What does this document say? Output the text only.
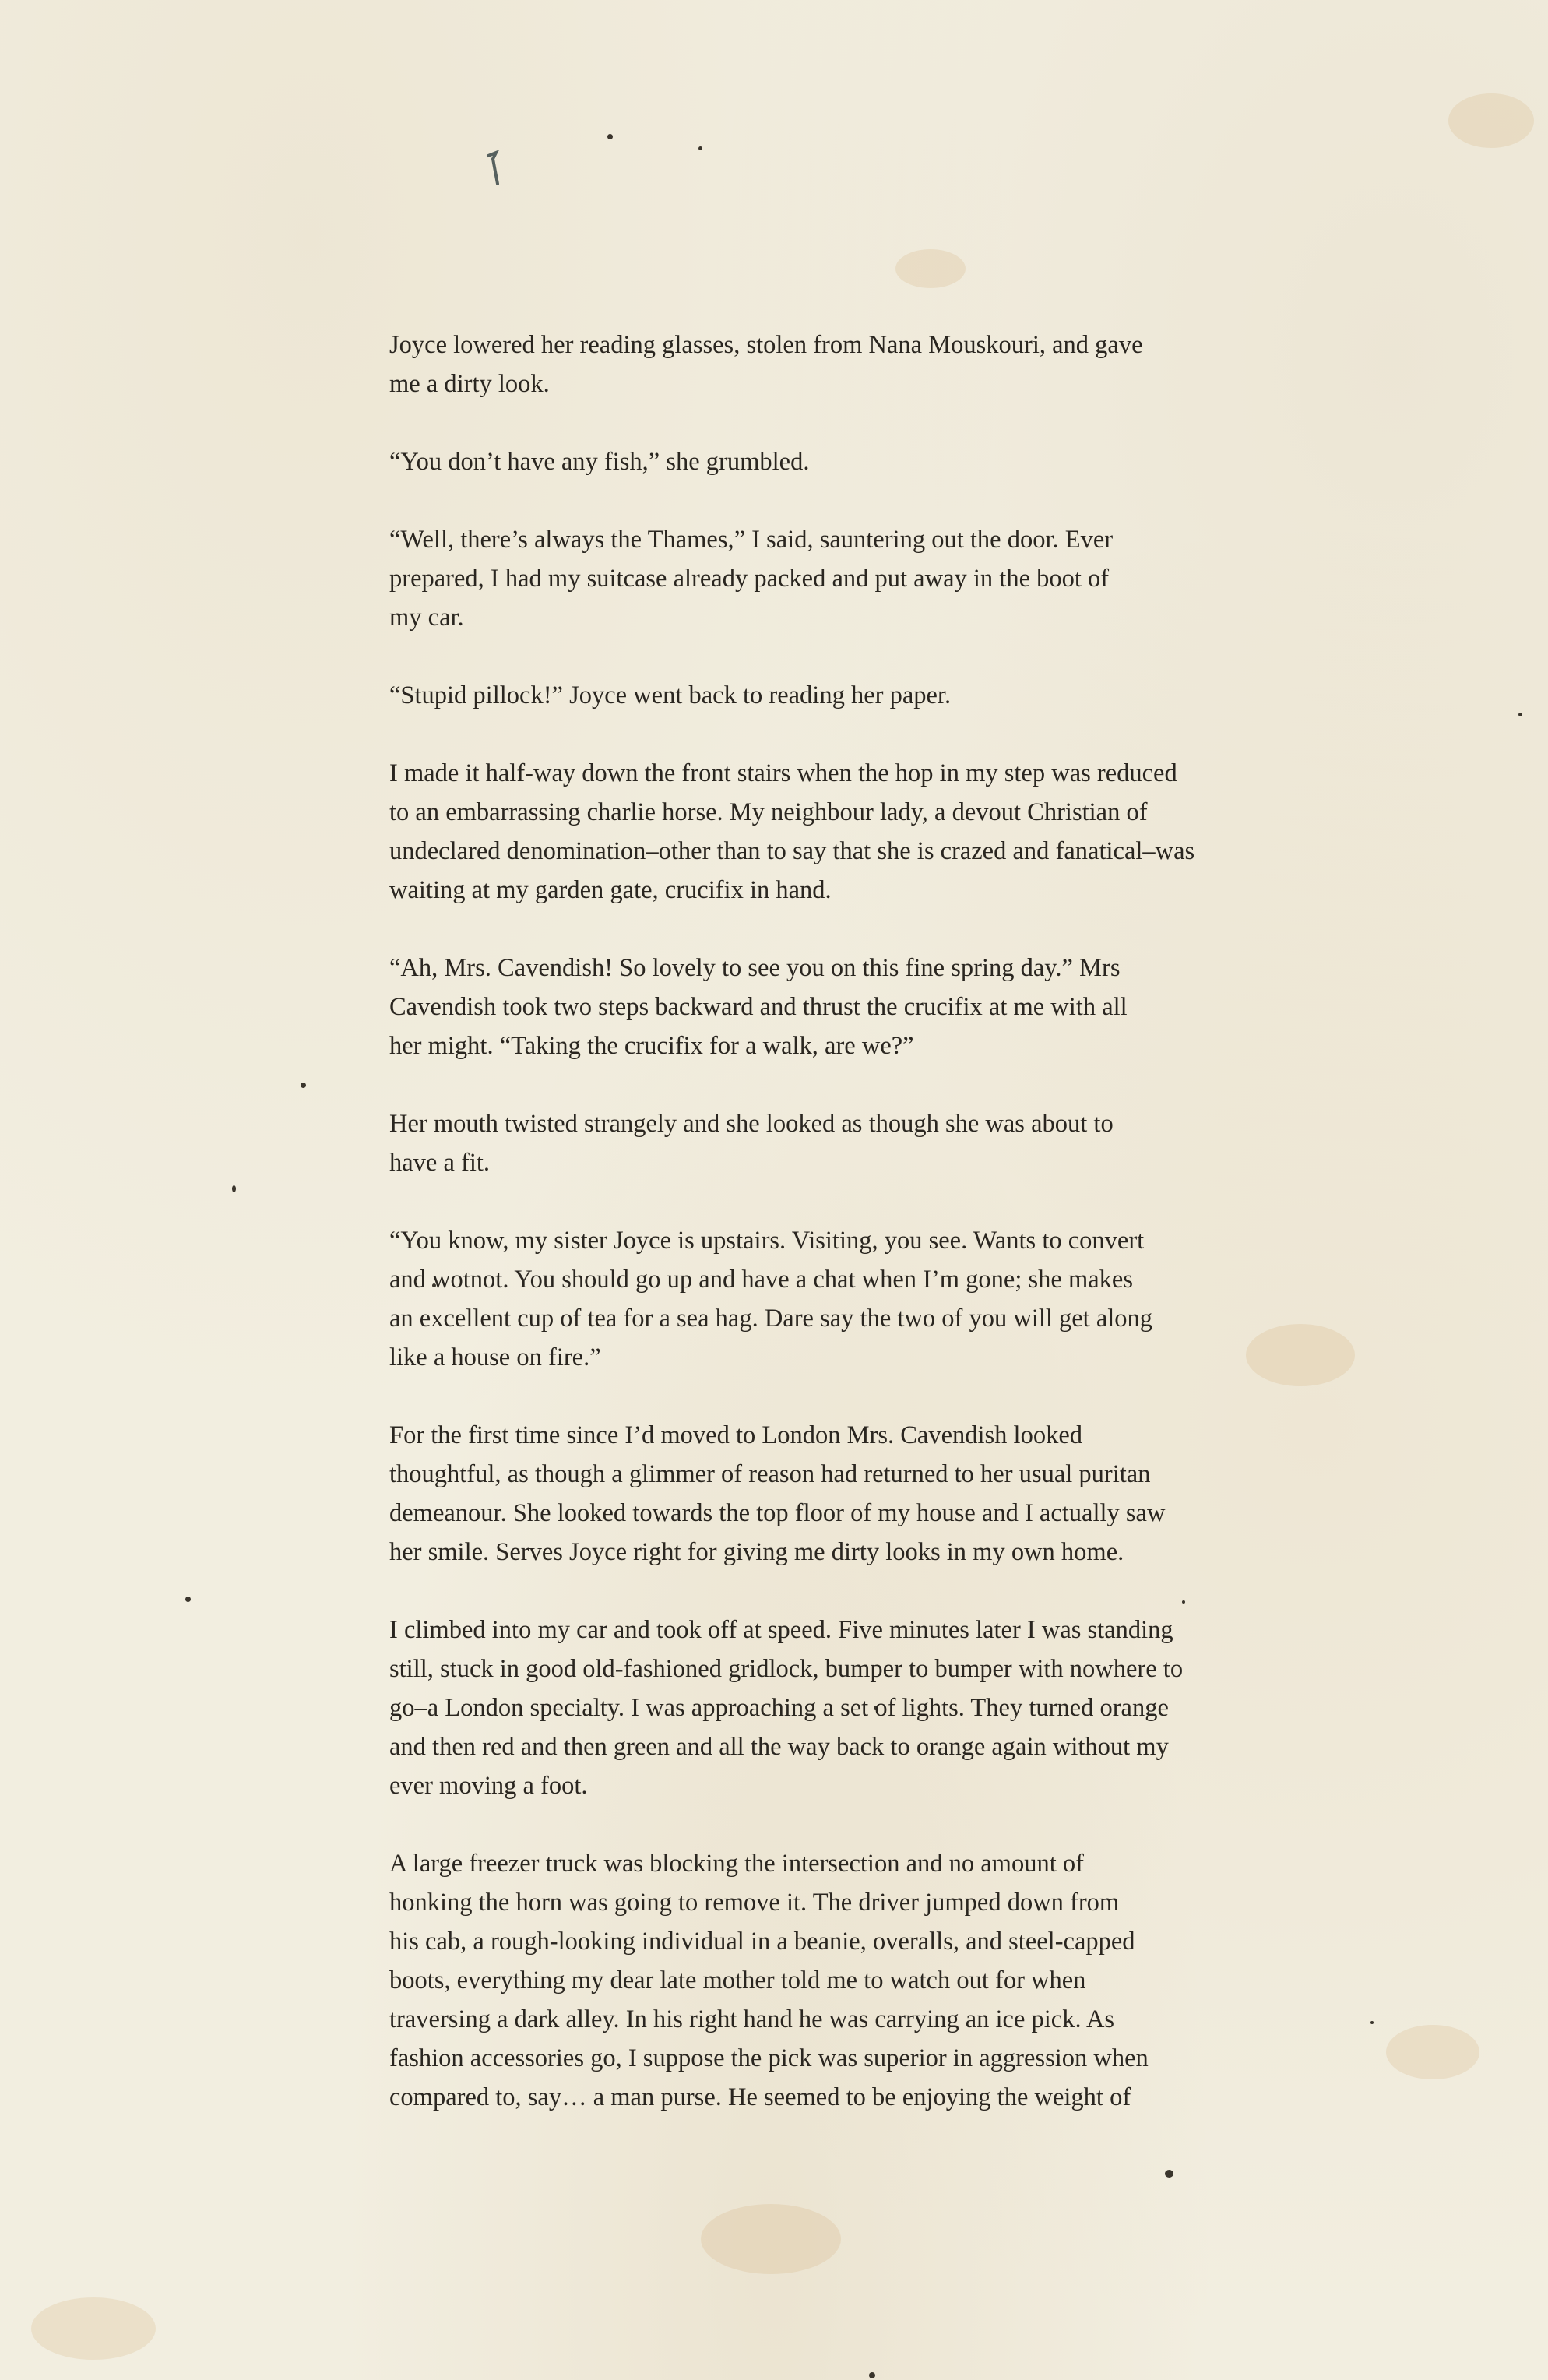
Joyce lowered her reading glasses, stolen from Nana Mouskouri, and gave
me a dirty look.

“You don’t have any fish,” she grumbled.

“Well, there’s always the Thames,” I said, sauntering out the door. Ever
prepared, I had my suitcase already packed and put away in the boot of
my car.

“Stupid pillock!” Joyce went back to reading her paper.

I made it half-way down the front stairs when the hop in my step was reduced
to an embarrassing charlie horse. My neighbour lady, a devout Christian of
undeclared denomination–other than to say that she is crazed and fanatical–was
waiting at my garden gate, crucifix in hand.

“Ah, Mrs. Cavendish! So lovely to see you on this fine spring day.” Mrs
Cavendish took two steps backward and thrust the crucifix at me with all
her might. “Taking the crucifix for a walk, are we?”

Her mouth twisted strangely and she looked as though she was about to
have a fit.

“You know, my sister Joyce is upstairs. Visiting, you see. Wants to convert
and wotnot. You should go up and have a chat when I’m gone; she makes
an excellent cup of tea for a sea hag. Dare say the two of you will get along
like a house on fire.”

For the first time since I’d moved to London Mrs. Cavendish looked
thoughtful, as though a glimmer of reason had returned to her usual puritan
demeanour. She looked towards the top floor of my house and I actually saw
her smile. Serves Joyce right for giving me dirty looks in my own home.

I climbed into my car and took off at speed. Five minutes later I was standing
still, stuck in good old-fashioned gridlock, bumper to bumper with nowhere to
go–a London specialty. I was approaching a set of lights. They turned orange
and then red and then green and all the way back to orange again without my
ever moving a foot.

A large freezer truck was blocking the intersection and no amount of
honking the horn was going to remove it. The driver jumped down from
his cab, a rough-looking individual in a beanie, overalls, and steel-capped
boots, everything my dear late mother told me to watch out for when
traversing a dark alley. In his right hand he was carrying an ice pick. As
fashion accessories go, I suppose the pick was superior in aggression when
compared to, say… a man purse. He seemed to be enjoying the weight of
